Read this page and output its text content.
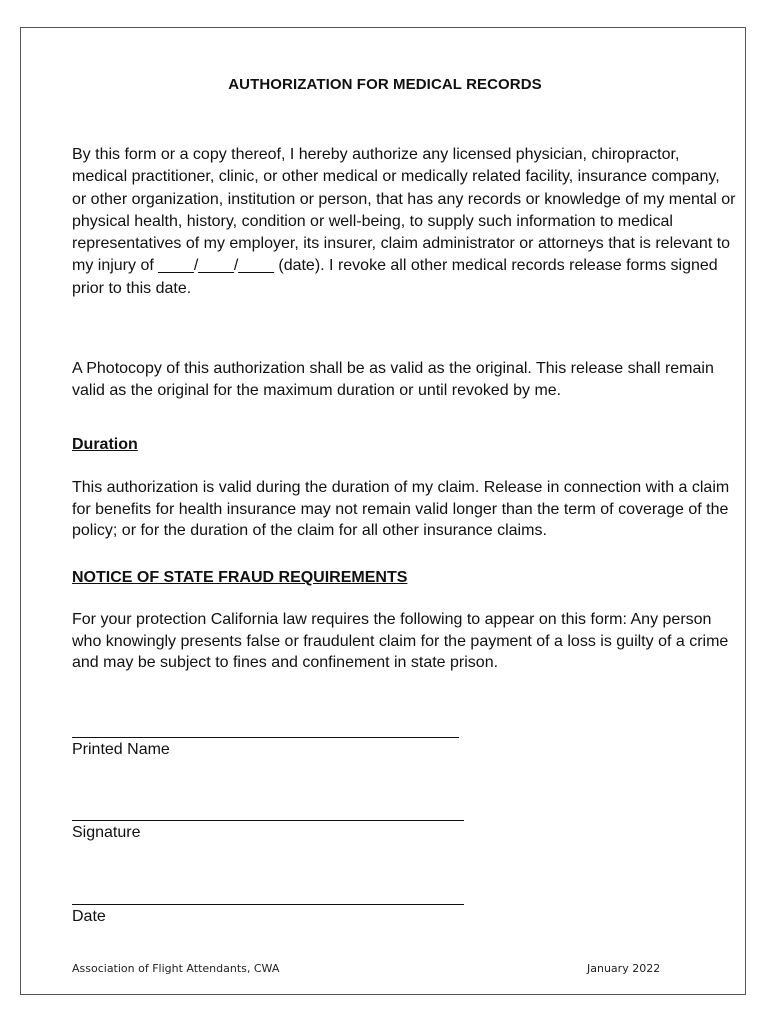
AUTHORIZATION FOR MEDICAL RECORDS

By this form or a copy thereof, I hereby authorize any licensed physician, chiropractor, medical practitioner, clinic, or other medical or medically related facility, insurance company, or other organization, institution or person, that has any records or knowledge of my mental or physical health, history, condition or well-being, to supply such information to medical representatives of my employer, its insurer, claim administrator or attorneys that is relevant to my injury of ____/____/____ (date). I revoke all other medical records release forms signed prior to this date.

A Photocopy of this authorization shall be as valid as the original. This release shall remain valid as the original for the maximum duration or until revoked by me.

Duration

This authorization is valid during the duration of my claim. Release in connection with a claim for benefits for health insurance may not remain valid longer than the term of coverage of the policy; or for the duration of the claim for all other insurance claims.

NOTICE OF STATE FRAUD REQUIREMENTS

For your protection California law requires the following to appear on this form: Any person who knowingly presents false or fraudulent claim for the payment of a loss is guilty of a crime and may be subject to fines and confinement in state prison.

Printed Name
Signature
Date
Association of Flight Attendants, CWA	January 2022
